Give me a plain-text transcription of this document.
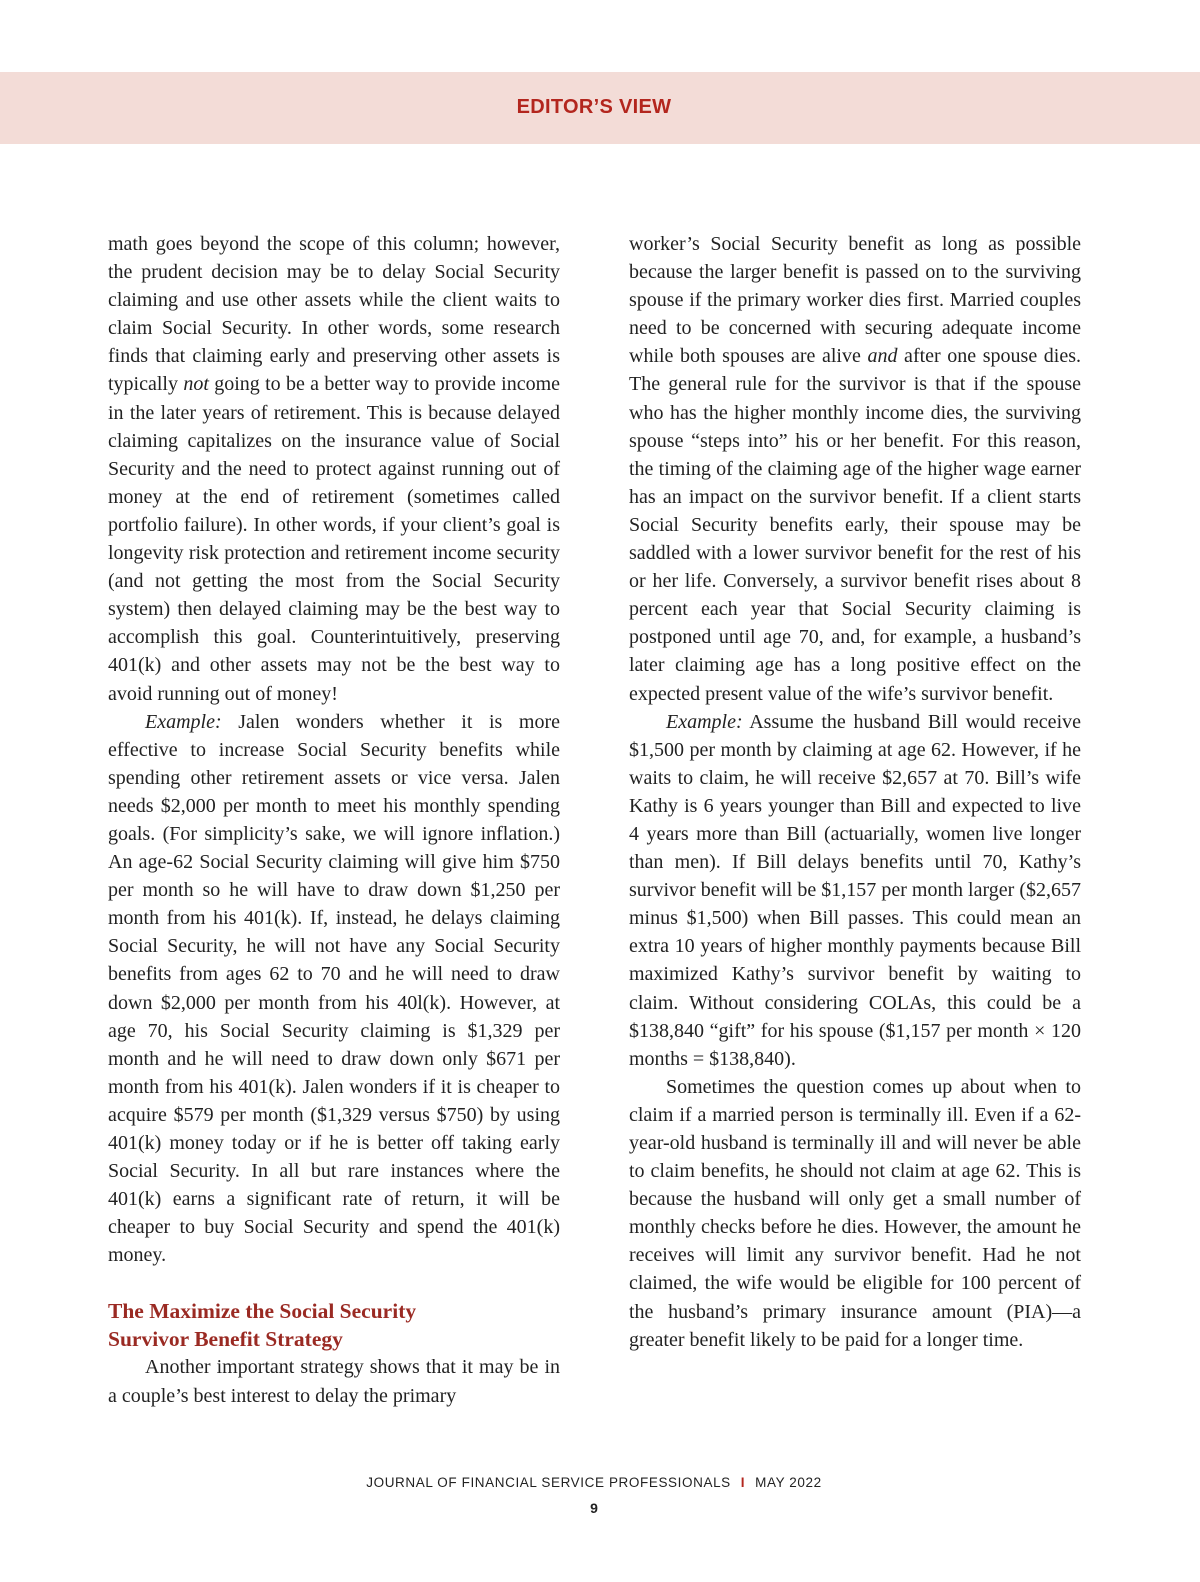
EDITOR’S VIEW

math goes beyond the scope of this column; however, the prudent decision may be to delay Social Security claiming and use other assets while the client waits to claim Social Security. In other words, some research finds that claiming early and preserving other assets is typically not going to be a better way to provide income in the later years of retirement. This is because delayed claiming capitalizes on the insurance value of Social Security and the need to protect against running out of money at the end of retirement (sometimes called portfolio failure). In other words, if your client’s goal is longevity risk protection and retirement income security (and not getting the most from the Social Security system) then delayed claiming may be the best way to accomplish this goal. Counterintuitively, preserving 401(k) and other assets may not be the best way to avoid running out of money!

Example: Jalen wonders whether it is more effective to increase Social Security benefits while spending other retirement assets or vice versa. Jalen needs $2,000 per month to meet his monthly spending goals. (For simplicity’s sake, we will ignore inflation.) An age-62 Social Security claiming will give him $750 per month so he will have to draw down $1,250 per month from his 401(k). If, instead, he delays claiming Social Security, he will not have any Social Security benefits from ages 62 to 70 and he will need to draw down $2,000 per month from his 40l(k). However, at age 70, his Social Security claiming is $1,329 per month and he will need to draw down only $671 per month from his 401(k). Jalen wonders if it is cheaper to acquire $579 per month ($1,329 versus $750) by using 401(k) money today or if he is better off taking early Social Security. In all but rare instances where the 401(k) earns a significant rate of return, it will be cheaper to buy Social Security and spend the 401(k) money.

The Maximize the Social Security
Survivor Benefit Strategy

Another important strategy shows that it may be in a couple’s best interest to delay the primary

worker’s Social Security benefit as long as possible because the larger benefit is passed on to the surviving spouse if the primary worker dies first. Married couples need to be concerned with securing adequate income while both spouses are alive and after one spouse dies. The general rule for the survivor is that if the spouse who has the higher monthly income dies, the surviving spouse “steps into” his or her benefit. For this reason, the timing of the claiming age of the higher wage earner has an impact on the survivor benefit. If a client starts Social Security benefits early, their spouse may be saddled with a lower survivor benefit for the rest of his or her life. Conversely, a survivor benefit rises about 8 percent each year that Social Security claiming is postponed until age 70, and, for example, a husband’s later claiming age has a long positive effect on the expected present value of the wife’s survivor benefit.

Example: Assume the husband Bill would receive $1,500 per month by claiming at age 62. However, if he waits to claim, he will receive $2,657 at 70. Bill’s wife Kathy is 6 years younger than Bill and expected to live 4 years more than Bill (actuarially, women live longer than men). If Bill delays benefits until 70, Kathy’s survivor benefit will be $1,157 per month larger ($2,657 minus $1,500) when Bill passes. This could mean an extra 10 years of higher monthly payments because Bill maximized Kathy’s survivor benefit by waiting to claim. Without considering COLAs, this could be a $138,840 “gift” for his spouse ($1,157 per month × 120 months = $138,840).

Sometimes the question comes up about when to claim if a married person is terminally ill. Even if a 62-year-old husband is terminally ill and will never be able to claim benefits, he should not claim at age 62. This is because the husband will only get a small number of monthly checks before he dies. However, the amount he receives will limit any survivor benefit. Had he not claimed, the wife would be eligible for 100 percent of the husband’s primary insurance amount (PIA)—a greater benefit likely to be paid for a longer time.

JOURNAL OF FINANCIAL SERVICE PROFESSIONALS I MAY 2022
9
